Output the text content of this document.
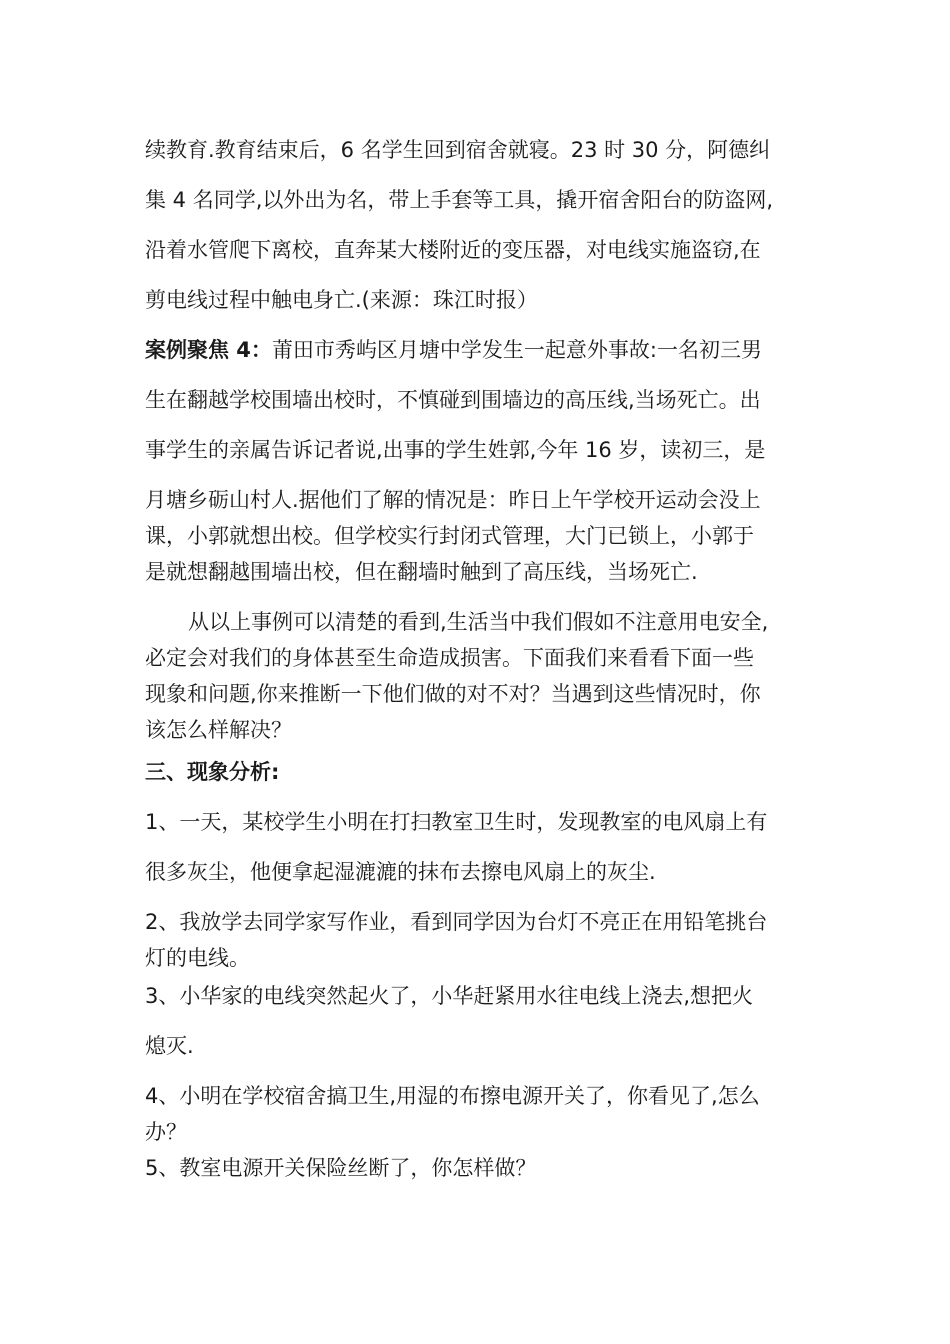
续教育.教育结束后，6 名学生回到宿舍就寝。23 时 30 分，阿德纠
集 4 名同学,以外出为名，带上手套等工具，撬开宿舍阳台的防盗网,
沿着水管爬下离校，直奔某大楼附近的变压器，对电线实施盗窃,在
剪电线过程中触电身亡.(来源：珠江时报）
案例聚焦 4：莆田市秀屿区月塘中学发生一起意外事故:一名初三男
生在翻越学校围墙出校时，不慎碰到围墙边的高压线,当场死亡。出
事学生的亲属告诉记者说,出事的学生姓郭,今年 16 岁，读初三，是
月塘乡砺山村人.据他们了解的情况是：昨日上午学校开运动会没上
课，小郭就想出校。但学校实行封闭式管理，大门已锁上，小郭于
是就想翻越围墙出校，但在翻墙时触到了高压线，当场死亡.
从以上事例可以清楚的看到,生活当中我们假如不注意用电安全,
必定会对我们的身体甚至生命造成损害。下面我们来看看下面一些
现象和问题,你来推断一下他们做的对不对？当遇到这些情况时，你
该怎么样解决？
三、现象分析:
1、一天，某校学生小明在打扫教室卫生时，发现教室的电风扇上有
很多灰尘，他便拿起湿漉漉的抹布去擦电风扇上的灰尘.
2、我放学去同学家写作业，看到同学因为台灯不亮正在用铅笔挑台
灯的电线。
3、小华家的电线突然起火了，小华赶紧用水往电线上浇去,想把火
熄灭.
4、小明在学校宿舍搞卫生,用湿的布擦电源开关了，你看见了,怎么
办？
5、教室电源开关保险丝断了，你怎样做？
